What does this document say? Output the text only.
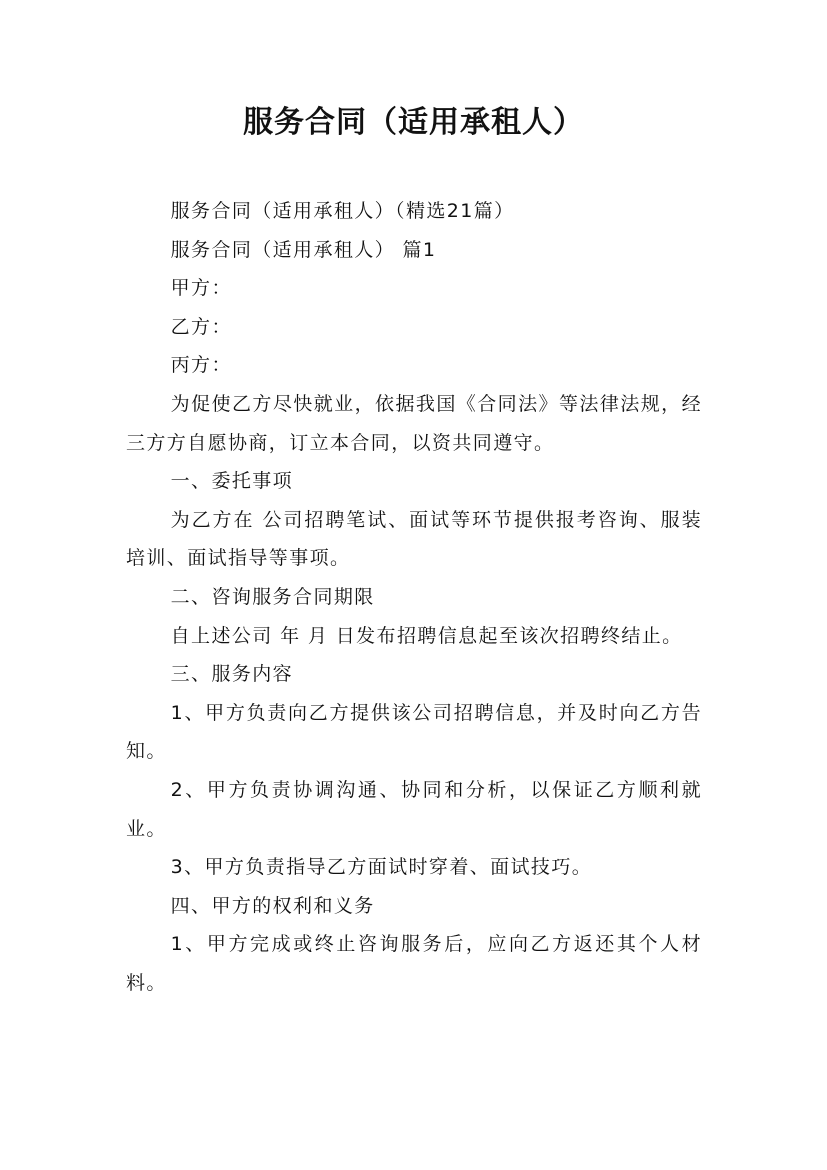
服务合同（适用承租人）

服务合同（适用承租人）（精选21篇）

服务合同（适用承租人） 篇1

甲方：

乙方：

丙方：

为促使乙方尽快就业，依据我国《合同法》等法律法规，经三方方自愿协商，订立本合同，以资共同遵守。

一、委托事项

为乙方在 公司招聘笔试、面试等环节提供报考咨询、服装培训、面试指导等事项。

二、咨询服务合同期限

自上述公司 年 月 日发布招聘信息起至该次招聘终结止。

三、服务内容

1、甲方负责向乙方提供该公司招聘信息，并及时向乙方告知。

2、甲方负责协调沟通、协同和分析，以保证乙方顺利就业。

3、甲方负责指导乙方面试时穿着、面试技巧。

四、甲方的权利和义务

1、甲方完成或终止咨询服务后，应向乙方返还其个人材料。
